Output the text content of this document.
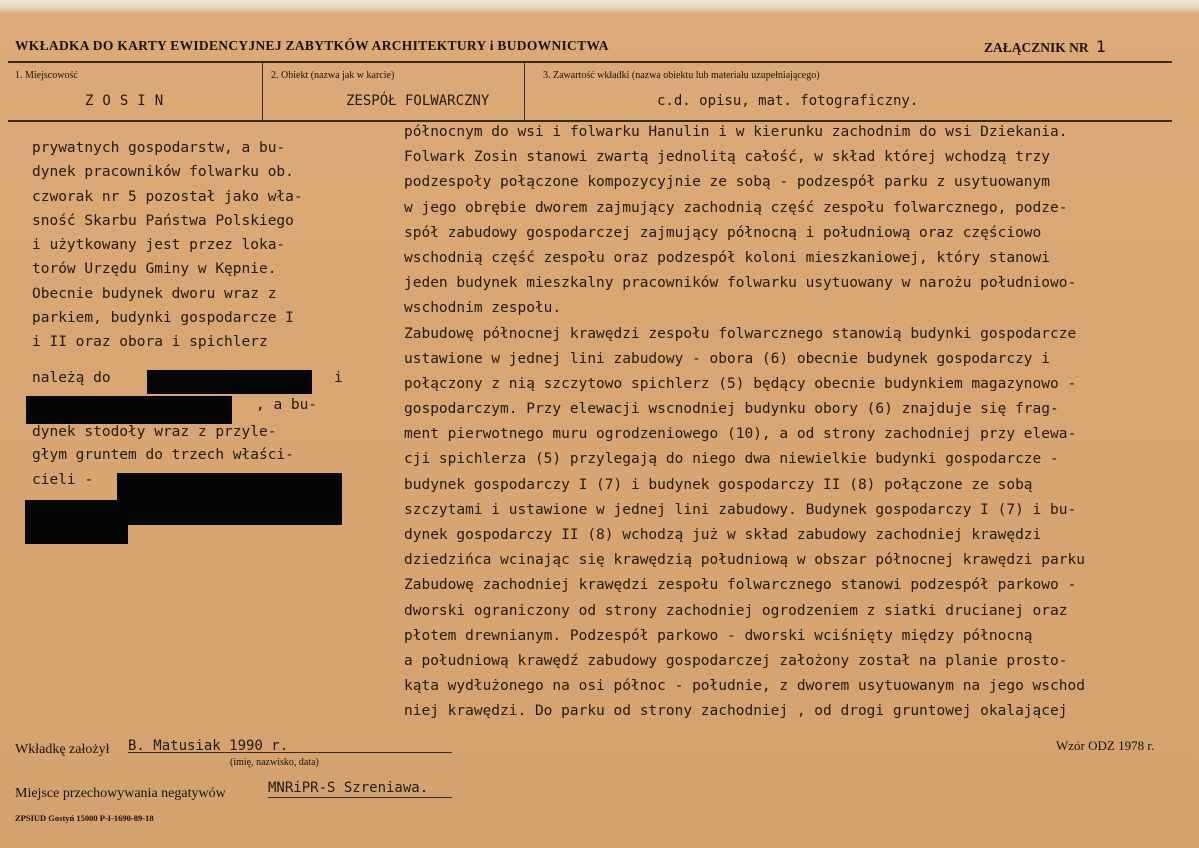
WKŁADKA DO KARTY EWIDENCYJNEJ ZABYTKÓW ARCHITEKTURY i BUDOWNICTWA	ZAŁĄCZNIK NR 1
1. Miejscowość
ZOSIN
2. Obiekt (nazwa jak w karcie)
ZESPÓŁ FOLWARCZNY
3. Zawartość wkładki (nazwa obiektu lub materiału uzupełniającego)
c.d. opisu, mat. fotograficzny.
prywatnych gospodarstw, a bu-
dynek pracowników folwarku ob.
czworak nr 5 pozostał jako wła-
sność Skarbu Państwa Polskiego
i użytkowany jest przez loka-
torów Urzędu Gminy w Kępnie.
Obecnie budynek dworu wraz z
parkiem, budynki gospodarcze I
i II oraz obora i spichlerz
należą do	i
, a bu-
dynek stodoły wraz z przyle-
głym gruntem do trzech właści-
cieli -
północnym do wsi i folwarku Hanulin i w kierunku zachodnim do wsi Dziekania.
Folwark Zosin stanowi zwartą jednolitą całość, w skład której wchodzą trzy
podzespoły połączone kompozycyjnie ze sobą - podzespół parku z usytuowanym
w jego obrębie dworem zajmujący zachodnią część zespołu folwarcznego, podze-
spół zabudowy gospodarczej zajmujący północną i południową oraz częściowo
wschodnią część zespołu oraz podzespół koloni mieszkaniowej, który stanowi
jeden budynek mieszkalny pracowników folwarku usytuowany w narożu południowo-
wschodnim zespołu.
Zabudowę północnej krawędzi zespołu folwarcznego stanowią budynki gospodarcze
ustawione w jednej lini zabudowy - obora (6) obecnie budynek gospodarczy i
połączony z nią szczytowo spichlerz (5) będący obecnie budynkiem magazynowo -
gospodarczym. Przy elewacji wscnodniej budynku obory (6) znajduje się frag-
ment pierwotnego muru ogrodzeniowego (10), a od strony zachodniej przy elewa-
cji spichlerza (5) przylegają do niego dwa niewielkie budynki gospodarcze -
budynek gospodarczy I (7) i budynek gospodarczy II (8) połączone ze sobą
szczytami i ustawione w jednej lini zabudowy. Budynek gospodarczy I (7) i bu-
dynek gospodarczy II (8) wchodzą już w skład zabudowy zachodniej krawędzi
dziedzińca wcinając się krawędzią południową w obszar północnej krawędzi parku
Zabudowę zachodniej krawędzi zespołu folwarcznego stanowi podzespół parkowo -
dworski ograniczony od strony zachodniej ogrodzeniem z siatki drucianej oraz
płotem drewnianym. Podzespół parkowo - dworski wciśnięty między północną
a południową krawędź zabudowy gospodarczej założony został na planie prosto-
kąta wydłużonego na osi północ - południe, z dworem usytuowanym na jego wschod
niej krawędzi. Do parku od strony zachodniej , od drogi gruntowej okalającej
Wkładkę założył B. Matusiak 1990 r.
(imię, nazwisko, data)
Wzór ODZ 1978 r.
Miejsce przechowywania negatywów	MNRiPR-S Szreniawa.
ZPSIUD Gostyń 15000 P-I-1690-89-18
